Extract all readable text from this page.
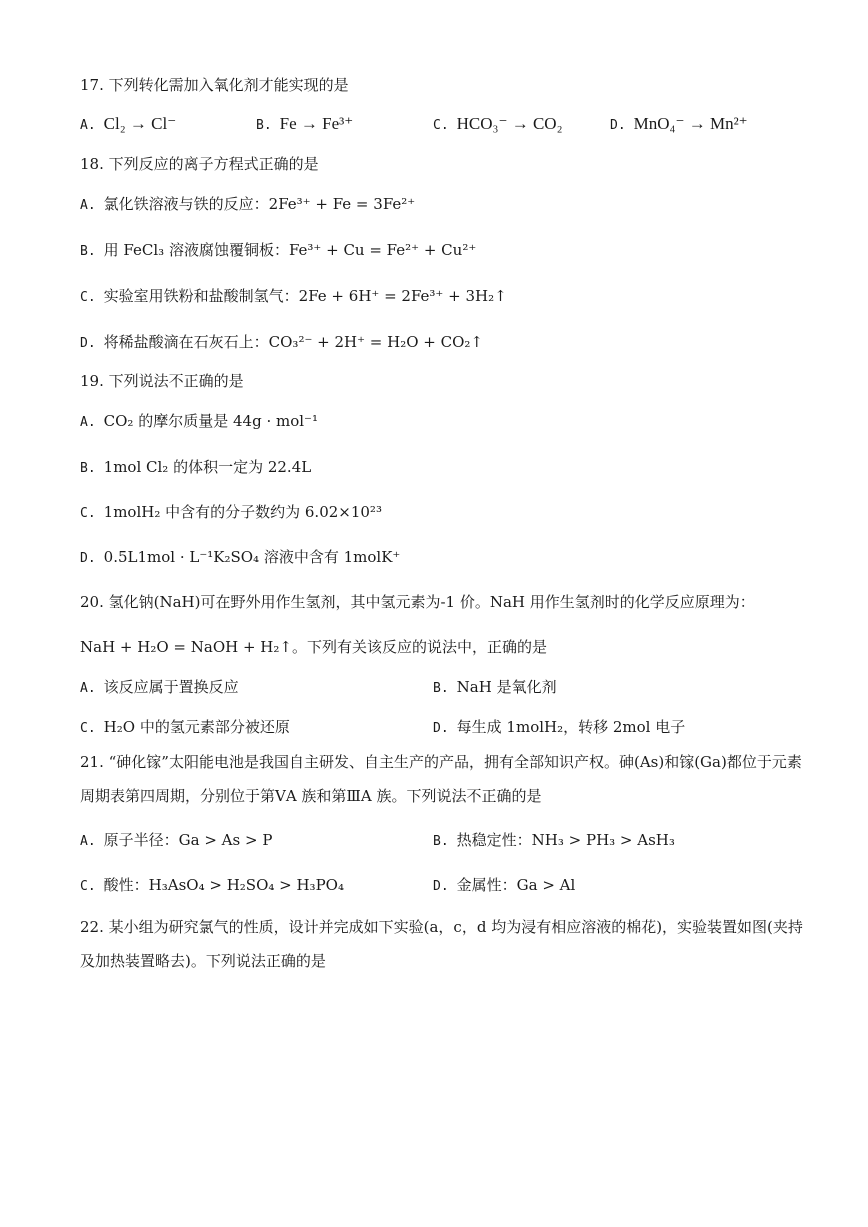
17. 下列转化需加入氧化剂才能实现的是
A. Cl₂ → Cl⁻	B. Fe → Fe³⁺	C. HCO₃⁻ → CO₂	D. MnO₄⁻ → Mn²⁺
18. 下列反应的离子方程式正确的是
A. 氯化铁溶液与铁的反应：2Fe³⁺ + Fe = 3Fe²⁺
B. 用 FeCl₃ 溶液腐蚀覆铜板：Fe³⁺ + Cu = Fe²⁺ + Cu²⁺
C. 实验室用铁粉和盐酸制氢气：2Fe + 6H⁺ = 2Fe³⁺ + 3H₂↑
D. 将稀盐酸滴在石灰石上：CO₃²⁻ + 2H⁺ = H₂O + CO₂↑
19. 下列说法不正确的是
A. CO₂ 的摩尔质量是 44g · mol⁻¹
B. 1mol Cl₂ 的体积一定为 22.4L
C. 1molH₂ 中含有的分子数约为 6.02×10²³
D. 0.5L1mol · L⁻¹K₂SO₄ 溶液中含有 1molK⁺
20. 氢化钠(NaH)可在野外用作生氢剂，其中氢元素为-1 价。NaH 用作生氢剂时的化学反应原理为：
NaH + H₂O = NaOH + H₂↑。下列有关该反应的说法中，正确的是
A. 该反应属于置换反应	B. NaH 是氧化剂
C. H₂O 中的氢元素部分被还原	D. 每生成 1molH₂，转移 2mol 电子
21. “砷化镓”太阳能电池是我国自主研发、自主生产的产品，拥有全部知识产权。砷(As)和镓(Ga)都位于元素周期表第四周期，分别位于第ⅤA 族和第ⅢA 族。下列说法不正确的是
A. 原子半径：Ga > As > P	B. 热稳定性：NH₃ > PH₃ > AsH₃
C. 酸性：H₃AsO₄ > H₂SO₄ > H₃PO₄	D. 金属性：Ga > Al
22. 某小组为研究氯气的性质，设计并完成如下实验(a，c，d 均为浸有相应溶液的棉花)，实验装置如图(夹持及加热装置略去)。下列说法正确的是
